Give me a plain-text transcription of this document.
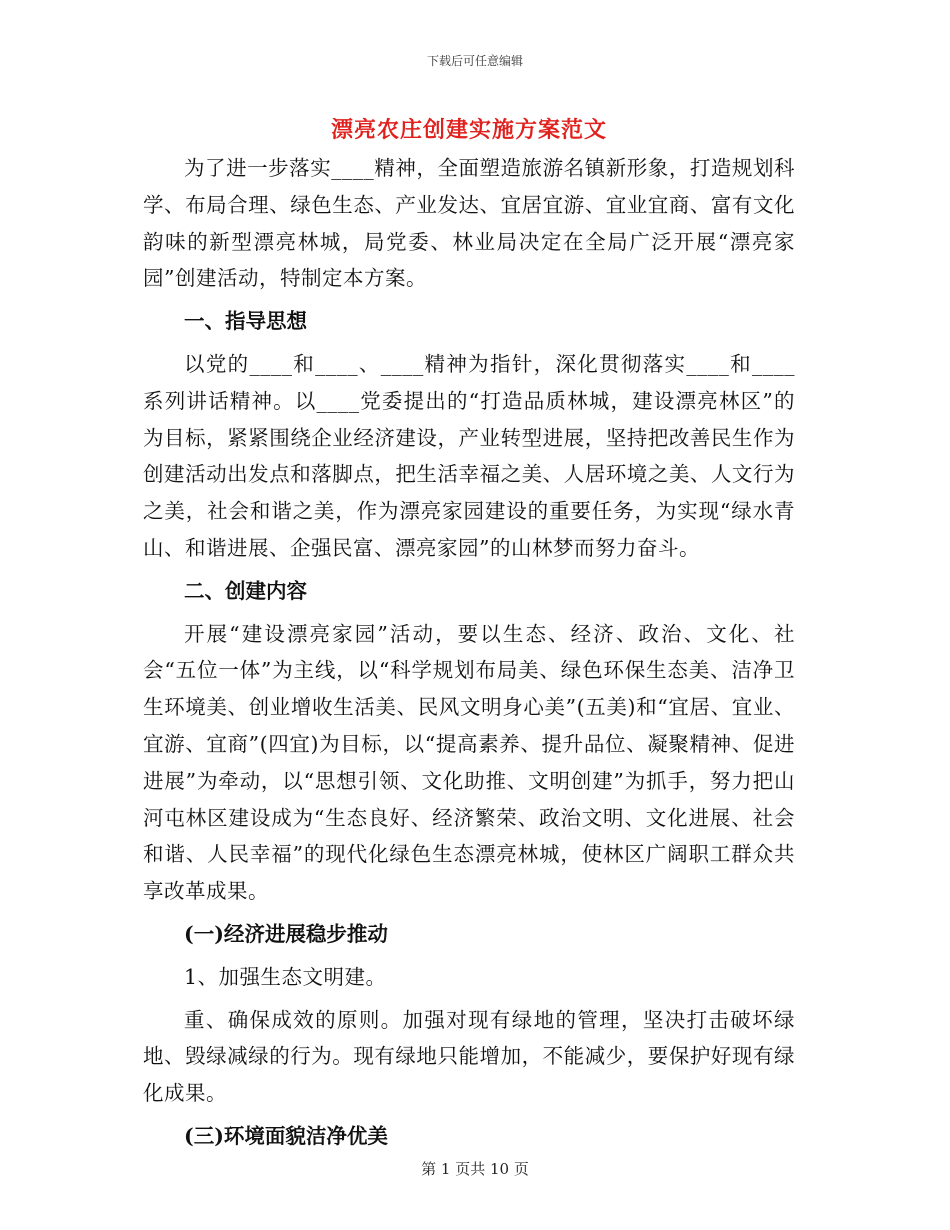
下载后可任意编辑
漂亮农庄创建实施方案范文

为了进一步落实____精神，全面塑造旅游名镇新形象，打造规划科学、布局合理、绿色生态、产业发达、宜居宜游、宜业宜商、富有文化韵味的新型漂亮林城，局党委、林业局决定在全局广泛开展“漂亮家园”创建活动，特制定本方案。

一、指导思想

以党的____和____、____精神为指针，深化贯彻落实____和____系列讲话精神。以____党委提出的“打造品质林城，建设漂亮林区”的为目标，紧紧围绕企业经济建设，产业转型进展，坚持把改善民生作为创建活动出发点和落脚点，把生活幸福之美、人居环境之美、人文行为之美，社会和谐之美，作为漂亮家园建设的重要任务，为实现“绿水青山、和谐进展、企强民富、漂亮家园”的山林梦而努力奋斗。

二、创建内容

开展“建设漂亮家园”活动，要以生态、经济、政治、文化、社会“五位一体”为主线，以“科学规划布局美、绿色环保生态美、洁净卫生环境美、创业增收生活美、民风文明身心美”(五美)和“宜居、宜业、宜游、宜商”(四宜)为目标，以“提高素养、提升品位、凝聚精神、促进进展”为牵动，以“思想引领、文化助推、文明创建”为抓手，努力把山河屯林区建设成为“生态良好、经济繁荣、政治文明、文化进展、社会和谐、人民幸福”的现代化绿色生态漂亮林城，使林区广阔职工群众共享改革成果。

(一)经济进展稳步推动

1、加强生态文明建。

重、确保成效的原则。加强对现有绿地的管理，坚决打击破坏绿地、毁绿减绿的行为。现有绿地只能增加，不能减少，要保护好现有绿化成果。

(三)环境面貌洁净优美

第 1 页共 10 页
